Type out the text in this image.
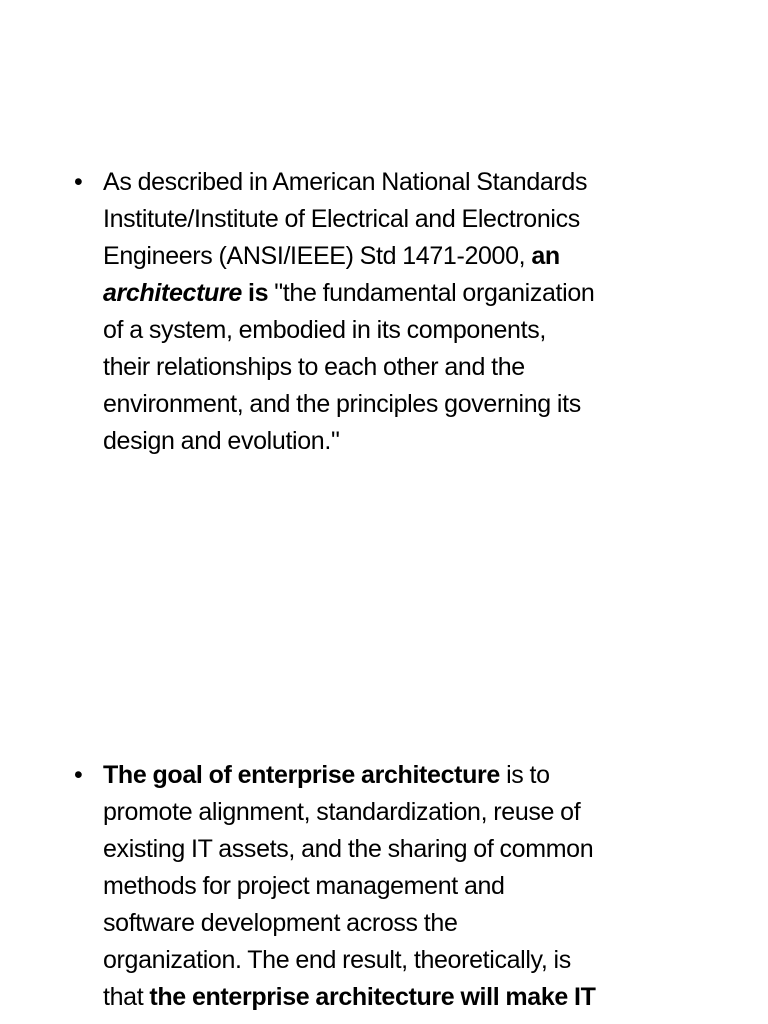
• As described in American National Standards
Institute/Institute of Electrical and Electronics
Engineers (ANSI/IEEE) Std 1471-2000, an
architecture is "the fundamental organization
of a system, embodied in its components,
their relationships to each other and the
environment, and the principles governing its
design and evolution."

• The goal of enterprise architecture is to
promote alignment, standardization, reuse of
existing IT assets, and the sharing of common
methods for project management and
software development across the
organization. The end result, theoretically, is
that the enterprise architecture will make IT
